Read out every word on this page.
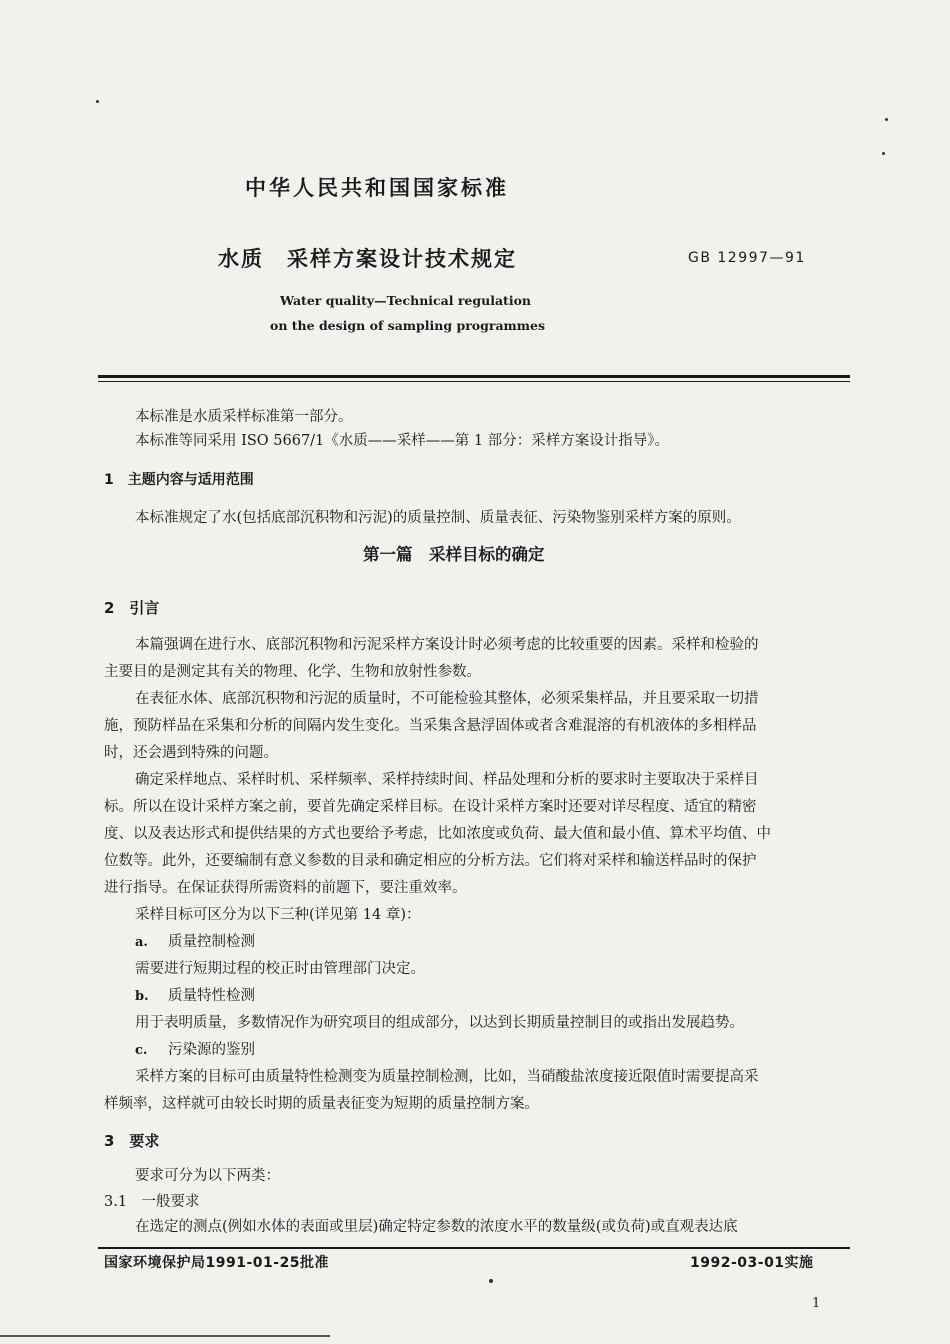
中华人民共和国国家标准
水质　采样方案设计技术规定	GB 12997—91
Water quality—Technical regulation
on the design of sampling programmes
本标准是水质采样标准第一部分。
本标准等同采用 ISO 5667/1《水质——采样——第 1 部分：采样方案设计指导》。
1　主题内容与适用范围
本标准规定了水(包括底部沉积物和污泥)的质量控制、质量表征、污染物鉴别采样方案的原则。
第一篇　采样目标的确定
2　引言
本篇强调在进行水、底部沉积物和污泥采样方案设计时必须考虑的比较重要的因素。采样和检验的
主要目的是测定其有关的物理、化学、生物和放射性参数。
在表征水体、底部沉积物和污泥的质量时，不可能检验其整体，必须采集样品，并且要采取一切措
施，预防样品在采集和分析的间隔内发生变化。当采集含悬浮固体或者含难混溶的有机液体的多相样品
时，还会遇到特殊的问题。
确定采样地点、采样时机、采样频率、采样持续时间、样品处理和分析的要求时主要取决于采样目
标。所以在设计采样方案之前，要首先确定采样目标。在设计采样方案时还要对详尽程度、适宜的精密
度、以及表达形式和提供结果的方式也要给予考虑，比如浓度或负荷、最大值和最小值、算术平均值、中
位数等。此外，还要编制有意义参数的目录和确定相应的分析方法。它们将对采样和输送样品时的保护
进行指导。在保证获得所需资料的前题下，要注重效率。
采样目标可区分为以下三种(详见第 14 章)：
a. 质量控制检测
需要进行短期过程的校正时由管理部门决定。
b. 质量特性检测
用于表明质量，多数情况作为研究项目的组成部分，以达到长期质量控制目的或指出发展趋势。
c. 污染源的鉴别
采样方案的目标可由质量特性检测变为质量控制检测，比如，当硝酸盐浓度接近限值时需要提高采
样频率，这样就可由较长时期的质量表征变为短期的质量控制方案。
3　要求
要求可分为以下两类：
3.1　一般要求
在选定的测点(例如水体的表面或里层)确定特定参数的浓度水平的数量级(或负荷)或直观表达底
国家环境保护局1991-01-25批准	1992-03-01实施
1
